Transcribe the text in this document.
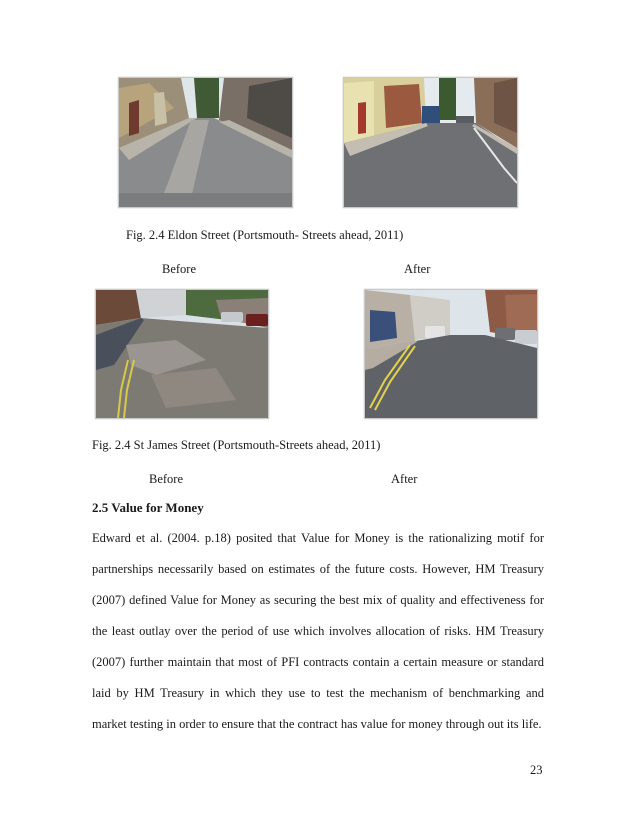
Fig. 2.4 Eldon Street (Portsmouth- Streets ahead, 2011)
Before	After
Fig. 2.4 St James Street (Portsmouth-Streets ahead, 2011)
Before	After
2.5 Value for Money
Edward et al. (2004. p.18) posited that Value for Money is the rationalizing motif for
partnerships necessarily based on estimates of the future costs. However, HM Treasury
(2007) defined Value for Money as securing the best mix of quality and effectiveness for
the least outlay over the period of use which involves allocation of risks. HM Treasury
(2007) further maintain that most of PFI contracts contain a certain measure or standard
laid by HM Treasury in which they use to test the mechanism of benchmarking and
market testing in order to ensure that the contract has value for money through out its life.
23
